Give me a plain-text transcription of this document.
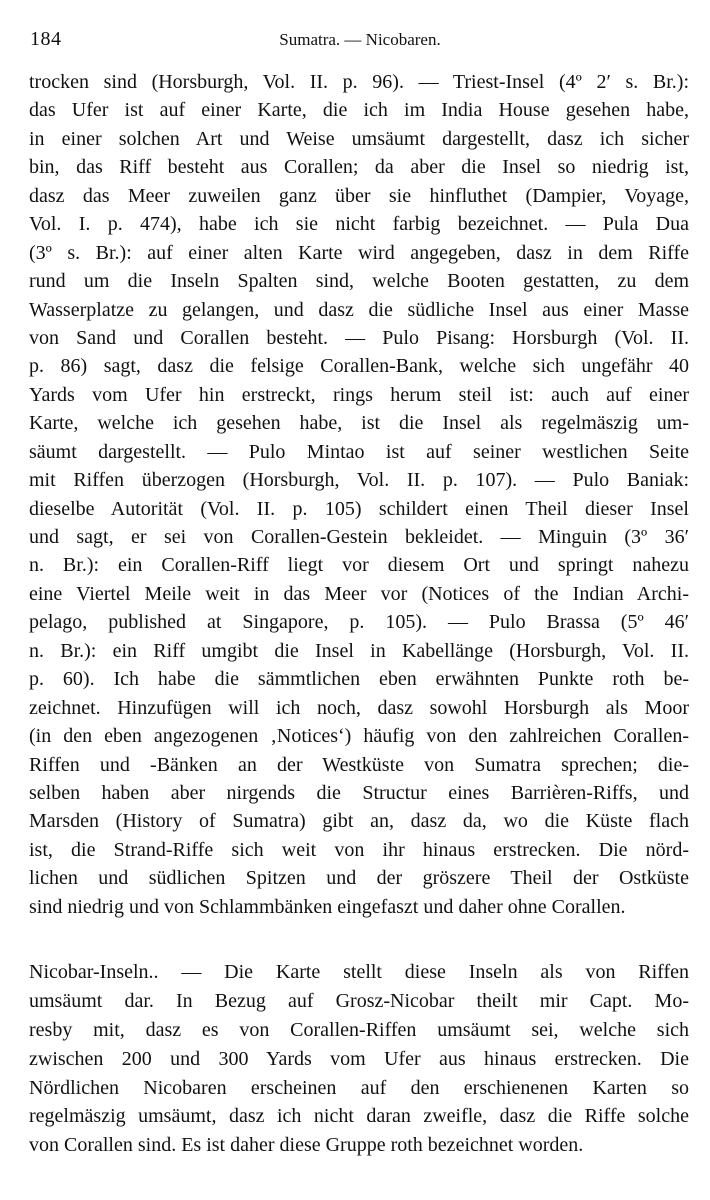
184	Sumatra. — Nicobaren.
trocken sind (Horsburgh, Vol. II. p. 96). — Triest-Insel (4º 2′ s. Br.):
das Ufer ist auf einer Karte, die ich im India House gesehen habe,
in einer solchen Art und Weise umsäumt dargestellt, dasz ich sicher
bin, das Riff besteht aus Corallen; da aber die Insel so niedrig ist,
dasz das Meer zuweilen ganz über sie hinfluthet (Dampier, Voyage,
Vol. I. p. 474), habe ich sie nicht farbig bezeichnet. — Pula Dua
(3º s. Br.): auf einer alten Karte wird angegeben, dasz in dem Riffe
rund um die Inseln Spalten sind, welche Booten gestatten, zu dem
Wasserplatze zu gelangen, und dasz die südliche Insel aus einer Masse
von Sand und Corallen besteht. — Pulo Pisang: Horsburgh (Vol. II.
p. 86) sagt, dasz die felsige Corallen-Bank, welche sich ungefähr 40
Yards vom Ufer hin erstreckt, rings herum steil ist: auch auf einer
Karte, welche ich gesehen habe, ist die Insel als regelmäszig um-
säumt dargestellt. — Pulo Mintao ist auf seiner westlichen Seite
mit Riffen überzogen (Horsburgh, Vol. II. p. 107). — Pulo Baniak:
dieselbe Autorität (Vol. II. p. 105) schildert einen Theil dieser Insel
und sagt, er sei von Corallen-Gestein bekleidet. — Minguin (3º 36′
n. Br.): ein Corallen-Riff liegt vor diesem Ort und springt nahezu
eine Viertel Meile weit in das Meer vor (Notices of the Indian Archi-
pelago, published at Singapore, p. 105). — Pulo Brassa (5º 46′
n. Br.): ein Riff umgibt die Insel in Kabellänge (Horsburgh, Vol. II.
p. 60). Ich habe die sämmtlichen eben erwähnten Punkte roth be-
zeichnet. Hinzufügen will ich noch, dasz sowohl Horsburgh als Moor
(in den eben angezogenen ‚Notices‘) häufig von den zahlreichen Corallen-
Riffen und -Bänken an der Westküste von Sumatra sprechen; die-
selben haben aber nirgends die Structur eines Barrièren-Riffs, und
Marsden (History of Sumatra) gibt an, dasz da, wo die Küste flach
ist, die Strand-Riffe sich weit von ihr hinaus erstrecken. Die nörd-
lichen und südlichen Spitzen und der gröszere Theil der Ostküste
sind niedrig und von Schlammbänken eingefaszt und daher ohne Corallen.
Nicobar-Inseln.. — Die Karte stellt diese Inseln als von Riffen
umsäumt dar. In Bezug auf Grosz-Nicobar theilt mir Capt. Mo-
resby mit, dasz es von Corallen-Riffen umsäumt sei, welche sich
zwischen 200 und 300 Yards vom Ufer aus hinaus erstrecken. Die
Nördlichen Nicobaren erscheinen auf den erschienenen Karten so
regelmäszig umsäumt, dasz ich nicht daran zweifle, dasz die Riffe solche
von Corallen sind. Es ist daher diese Gruppe roth bezeichnet worden.
